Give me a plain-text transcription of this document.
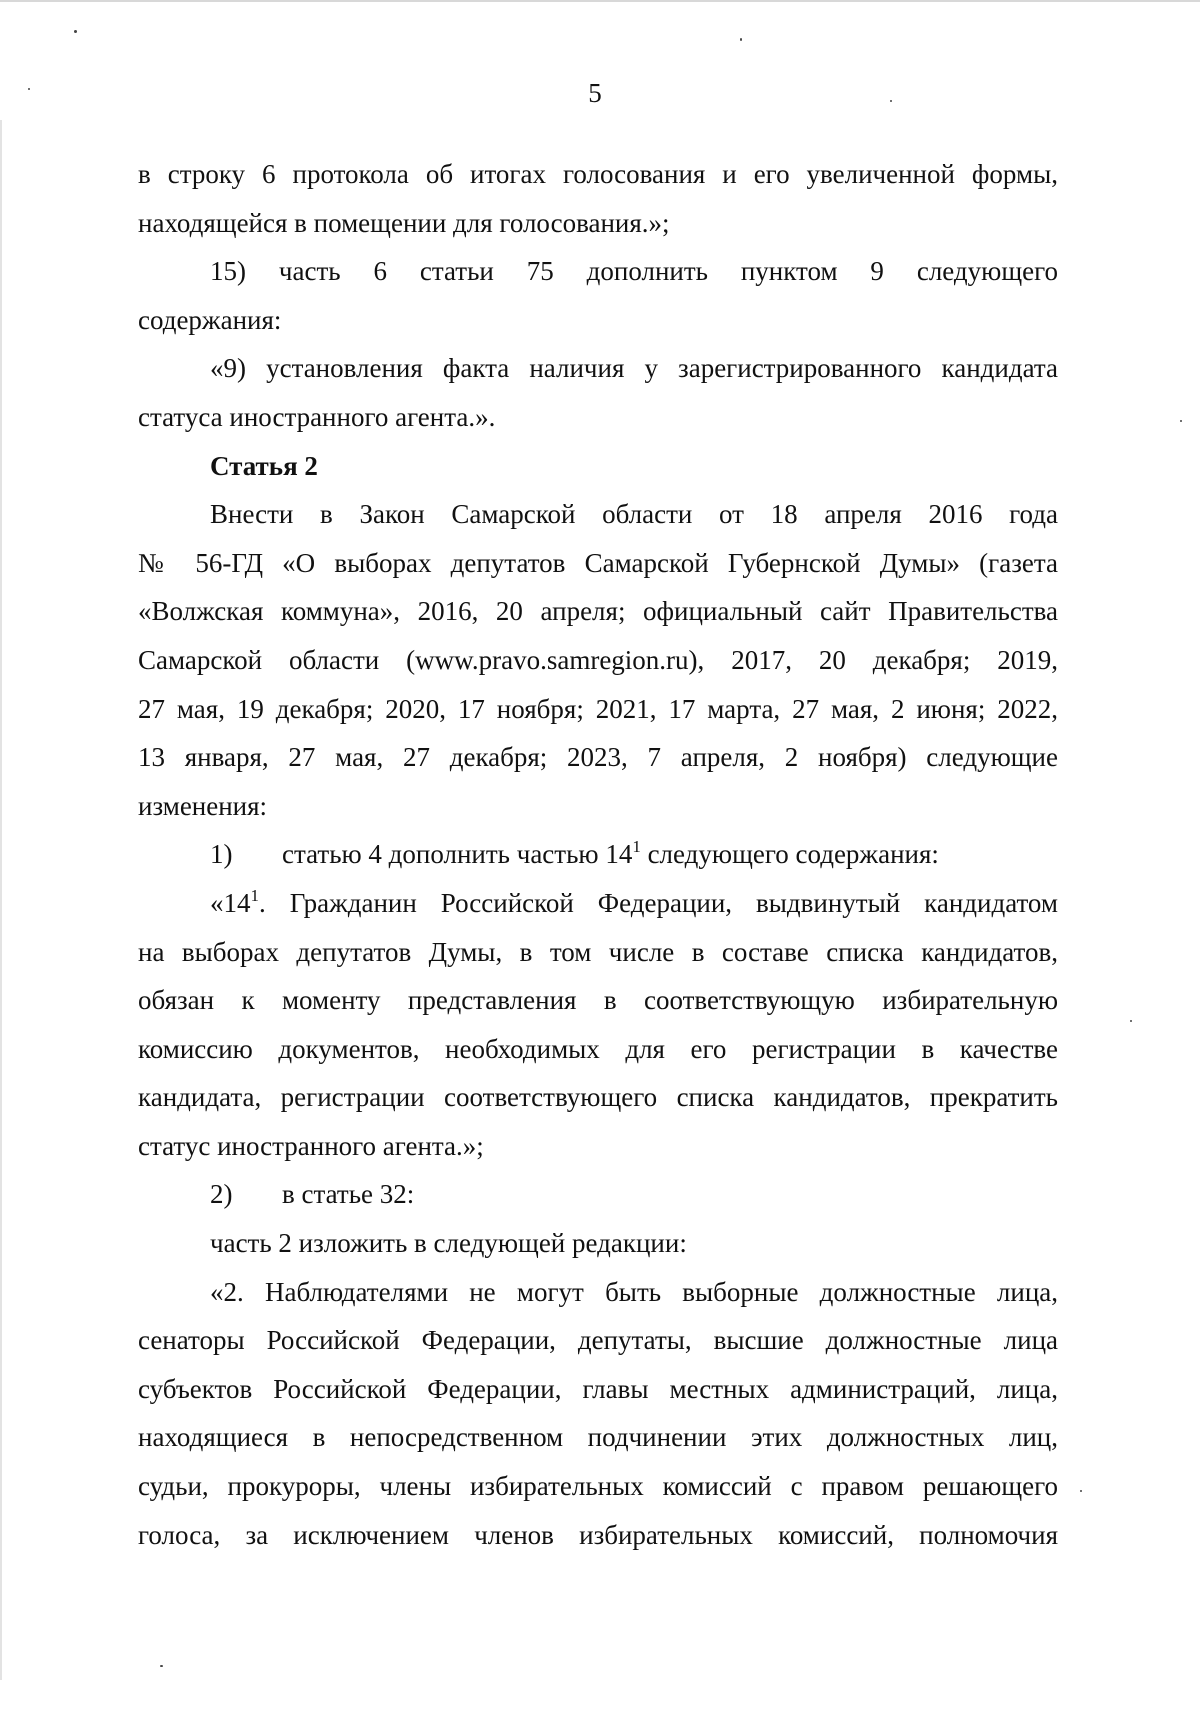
5
в строку 6 протокола об итогах голосования и его увеличенной формы,
находящейся в помещении для голосования.»;
15) часть 6 статьи 75 дополнить пунктом 9 следующего
содержания:
«9) установления факта наличия у зарегистрированного кандидата
статуса иностранного агента.».
Статья 2
Внести в Закон Самарской области от 18 апреля 2016 года
№ 56-ГД «О выборах депутатов Самарской Губернской Думы» (газета
«Волжская коммуна», 2016, 20 апреля; официальный сайт Правительства
Самарской области (www.pravo.samregion.ru), 2017, 20 декабря; 2019,
27 мая, 19 декабря; 2020, 17 ноября; 2021, 17 марта, 27 мая, 2 июня; 2022,
13 января, 27 мая, 27 декабря; 2023, 7 апреля, 2 ноября) следующие
изменения:
1) статью 4 дополнить частью $14^1$ следующего содержания:
«$14^1$. Гражданин Российской Федерации, выдвинутый кандидатом
на выборах депутатов Думы, в том числе в составе списка кандидатов,
обязан к моменту представления в соответствующую избирательную
комиссию документов, необходимых для его регистрации в качестве
кандидата, регистрации соответствующего списка кандидатов, прекратить
статус иностранного агента.»;
2) в статье 32:
часть 2 изложить в следующей редакции:
«2. Наблюдателями не могут быть выборные должностные лица,
сенаторы Российской Федерации, депутаты, высшие должностные лица
субъектов Российской Федерации, главы местных администраций, лица,
находящиеся в непосредственном подчинении этих должностных лиц,
судьи, прокуроры, члены избирательных комиссий с правом решающего
голоса, за исключением членов избирательных комиссий, полномочия
